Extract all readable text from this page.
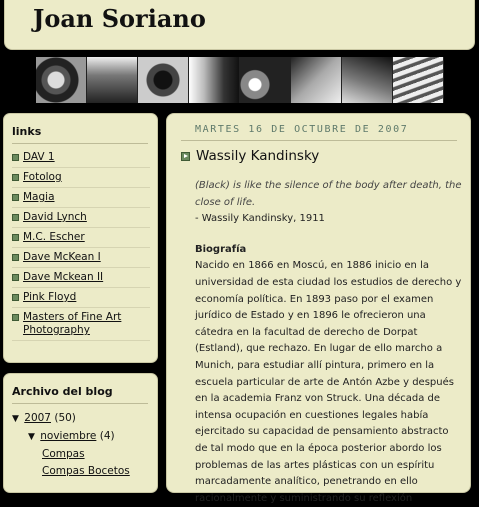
Joan Soriano
links
DAV 1
Fotolog
Magia
David Lynch
M.C. Escher
Dave McKean I
Dave Mckean II
Pink Floyd
Masters of Fine Art Photography
Archivo del blog
▼ 2007 (50)
▼ noviembre (4)
Compas
Compas Bocetos
MARTES 16 DE OCTUBRE DE 2007
Wassily Kandinsky
(Black) is like the silence of the body after death, the close of life.
- Wassily Kandinsky, 1911
Biografía
Nacido en 1866 en Moscú, en 1886 inicio en la universidad de esta ciudad los estudios de derecho y economía política. En 1893 paso por el examen jurídico de Estado y en 1896 le ofrecieron una cátedra en la facultad de derecho de Dorpat (Estland), que rechazo. En lugar de ello marcho a Munich, para estudiar allí pintura, primero en la escuela particular de arte de Antón Azbe y después en la academia Franz von Struck. Una década de intensa ocupación en cuestiones legales había ejercitado su capacidad de pensamiento abstracto de tal modo que en la época posterior abordo los problemas de las artes plásticas con un espíritu marcadamente analítico, penetrando en ello racionalmente y suministrando su reflexión
